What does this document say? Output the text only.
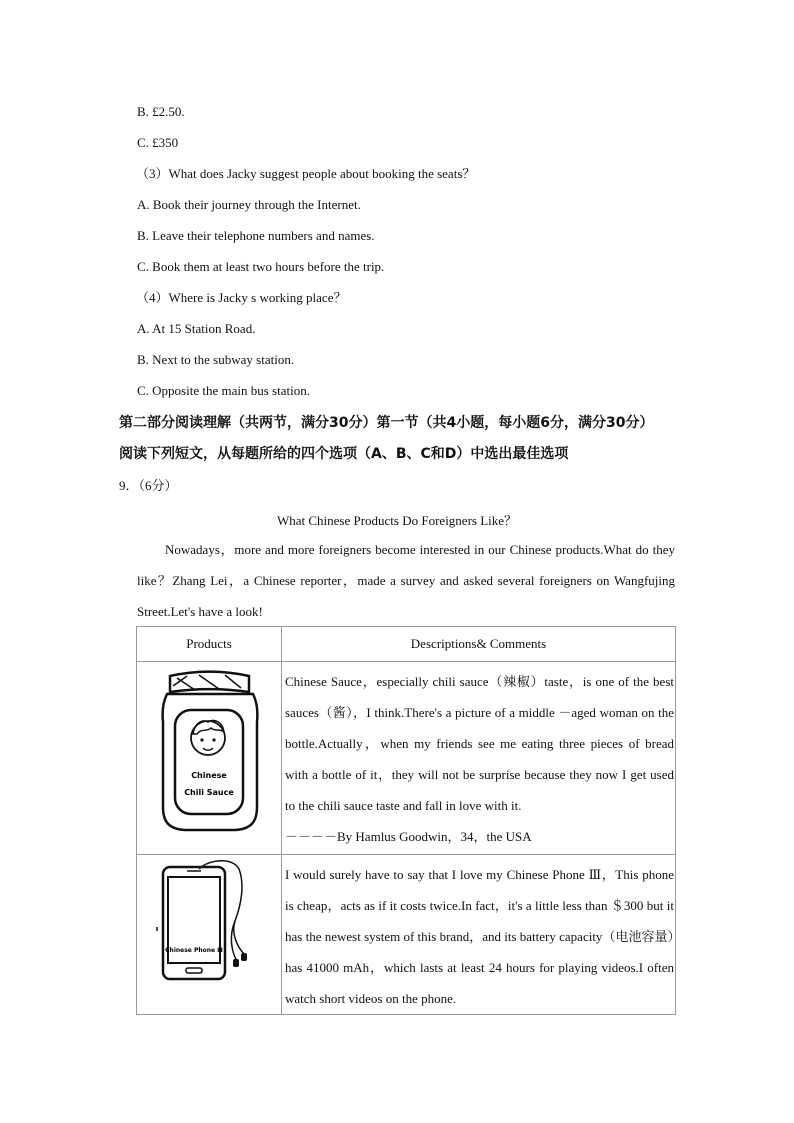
B. £2.50.
C. £350
（3）What does Jacky suggest people about booking the seats？
A. Book their journey through the Internet.
B. Leave their telephone numbers and names.
C. Book them at least two hours before the trip.
（4）Where is Jacky s working place？
A. At 15 Station Road.
B. Next to the subway station.
C. Opposite the main bus station.
第二部分阅读理解（共两节，满分30分）第一节（共4小题，每小题6分，满分30分）
阅读下列短文，从每题所给的四个选项（A、B、C和D）中选出最佳选项
9．（6分）
What Chinese Products Do Foreigners Like？
Nowadays，more and more foreigners become interested in our Chinese products.What do they like？Zhang Lei，a Chinese reporter，made a survey and asked several foreigners on Wangfujing Street.Let's have a look!
Products	Descriptions& Comments

Chinese
Chili Sauce	Chinese Sauce，especially chili sauce（辣椒）taste，is one of the best sauces（酱），I think.There's a picture of a middle －aged woman on the bottle.Actually，when my friends see me eating three pieces of bread with a bottle of it，they will not be surprise because they now I get used to the chili sauce taste and fall in love with it.
－－－－By Hamlus Goodwin，34，the USA

Chinese Phone Ⅲ	I would surely have to say that I love my Chinese Phone Ⅲ，This phone is cheap，acts as if it costs twice.In fact，it's a little less than ＄300 but it has the newest system of this brand，and its battery capacity（电池容量）has 41000 mAh，which lasts at least 24 hours for playing videos.I often watch short videos on the phone.
